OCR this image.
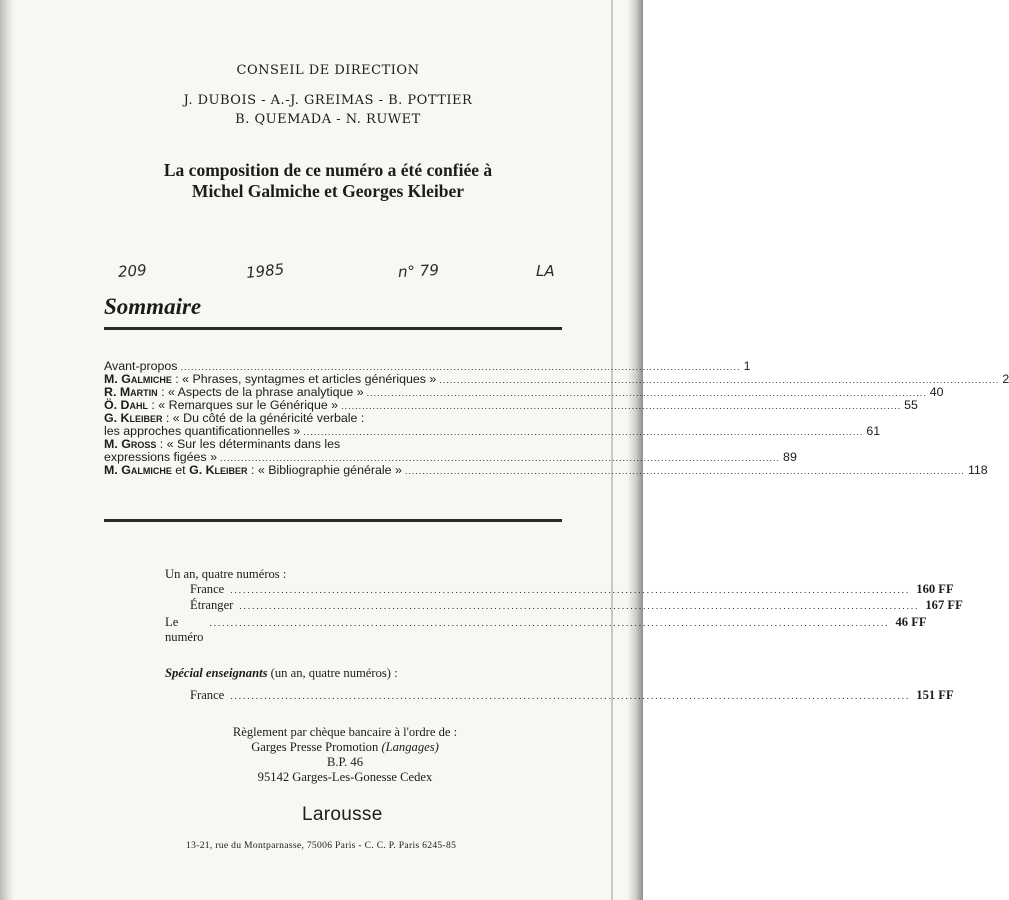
CONSEIL DE DIRECTION
J. DUBOIS - A.-J. GREIMAS - B. POTTIER
B. QUEMADA - N. RUWET
La composition de ce numéro a été confiée à
Michel Galmiche et Georges Kleiber
209	1985	n° 79	LA
Sommaire
Avant-propos ................................................................................................................................................................ 1
M. Galmiche : « Phrases, syntagmes et articles génériques » ................................................................................................................................................................ 2
R. Martin : « Aspects de la phrase analytique » ................................................................................................................................................................ 40
Ö. Dahl : « Remarques sur le Générique » ................................................................................................................................................................ 55
G. Kleiber : « Du côté de la généricité verbale :
les approches quantificationnelles » ................................................................................................................................................................ 61
M. Gross : « Sur les déterminants dans les
expressions figées » ................................................................................................................................................................ 89
M. Galmiche et G. Kleiber : « Bibliographie générale » ................................................................................................................................................................ 118
Un an, quatre numéros :
France ................................................................................................................................................................ 160 FF
Étranger ................................................................................................................................................................ 167 FF
Le numéro
................................................................................................................................................................ 46 FF
Spécial enseignants (un an, quatre numéros) :
France ................................................................................................................................................................ 151 FF
Règlement par chèque bancaire à l'ordre de :
Garges Presse Promotion (Langages)
B.P. 46
95142 Garges-Les-Gonesse Cedex
Larousse
13-21, rue du Montparnasse, 75006 Paris - C. C. P. Paris 6245-85
